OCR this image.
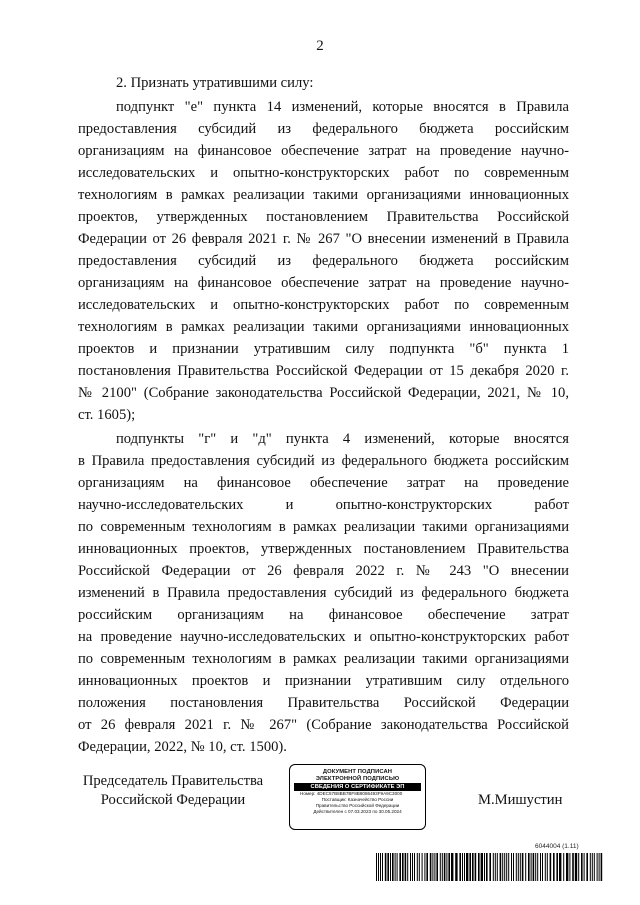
2
2. Признать утратившими силу:
подпункт "е" пункта 14 изменений, которые вносятся в Правила
предоставления субсидий из федерального бюджета российским
организациям на финансовое обеспечение затрат на проведение научно-
исследовательских и опытно-конструкторских работ по современным
технологиям в рамках реализации такими организациями инновационных
проектов, утвержденных постановлением Правительства Российской
Федерации от 26 февраля 2021 г. № 267 "О внесении изменений в Правила
предоставления субсидий из федерального бюджета российским
организациям на финансовое обеспечение затрат на проведение научно-
исследовательских и опытно-конструкторских работ по современным
технологиям в рамках реализации такими организациями инновационных
проектов и признании утратившим силу подпункта "б" пункта 1
постановления Правительства Российской Федерации от 15 декабря 2020 г.
№ 2100" (Собрание законодательства Российской Федерации, 2021, № 10,
ст. 1605);
подпункты "г" и "д" пункта 4 изменений, которые вносятся
в Правила предоставления субсидий из федерального бюджета российским
организациям на финансовое обеспечение затрат на проведение
научно-исследовательских и опытно-конструкторских работ
по современным технологиям в рамках реализации такими организациями
инновационных проектов, утвержденных постановлением Правительства
Российской Федерации от 26 февраля 2022 г. № 243 "О внесении
изменений в Правила предоставления субсидий из федерального бюджета
российским организациям на финансовое обеспечение затрат
на проведение научно-исследовательских и опытно-конструкторских работ
по современным технологиям в рамках реализации такими организациями
инновационных проектов и признании утратившим силу отдельного
положения постановления Правительства Российской Федерации
от 26 февраля 2021 г. № 267" (Собрание законодательства Российской
Федерации, 2022, № 10, ст. 1500).
Председатель Правительства
Российской Федерации
ДОКУМЕНТ ПОДПИСАН
ЭЛЕКТРОННОЙ ПОДПИСЬЮ
СВЕДЕНИЯ О СЕРТИФИКАТЕ ЭП
Номер: 4DEC57B8BB7BF8B8086493F9A9C3000
Поставщик: Казначейство России
Правительство Российской Федерации
Действителен с 07.03.2023 по 30.05.2024
М.Мишустин
6044004 (1.11)
